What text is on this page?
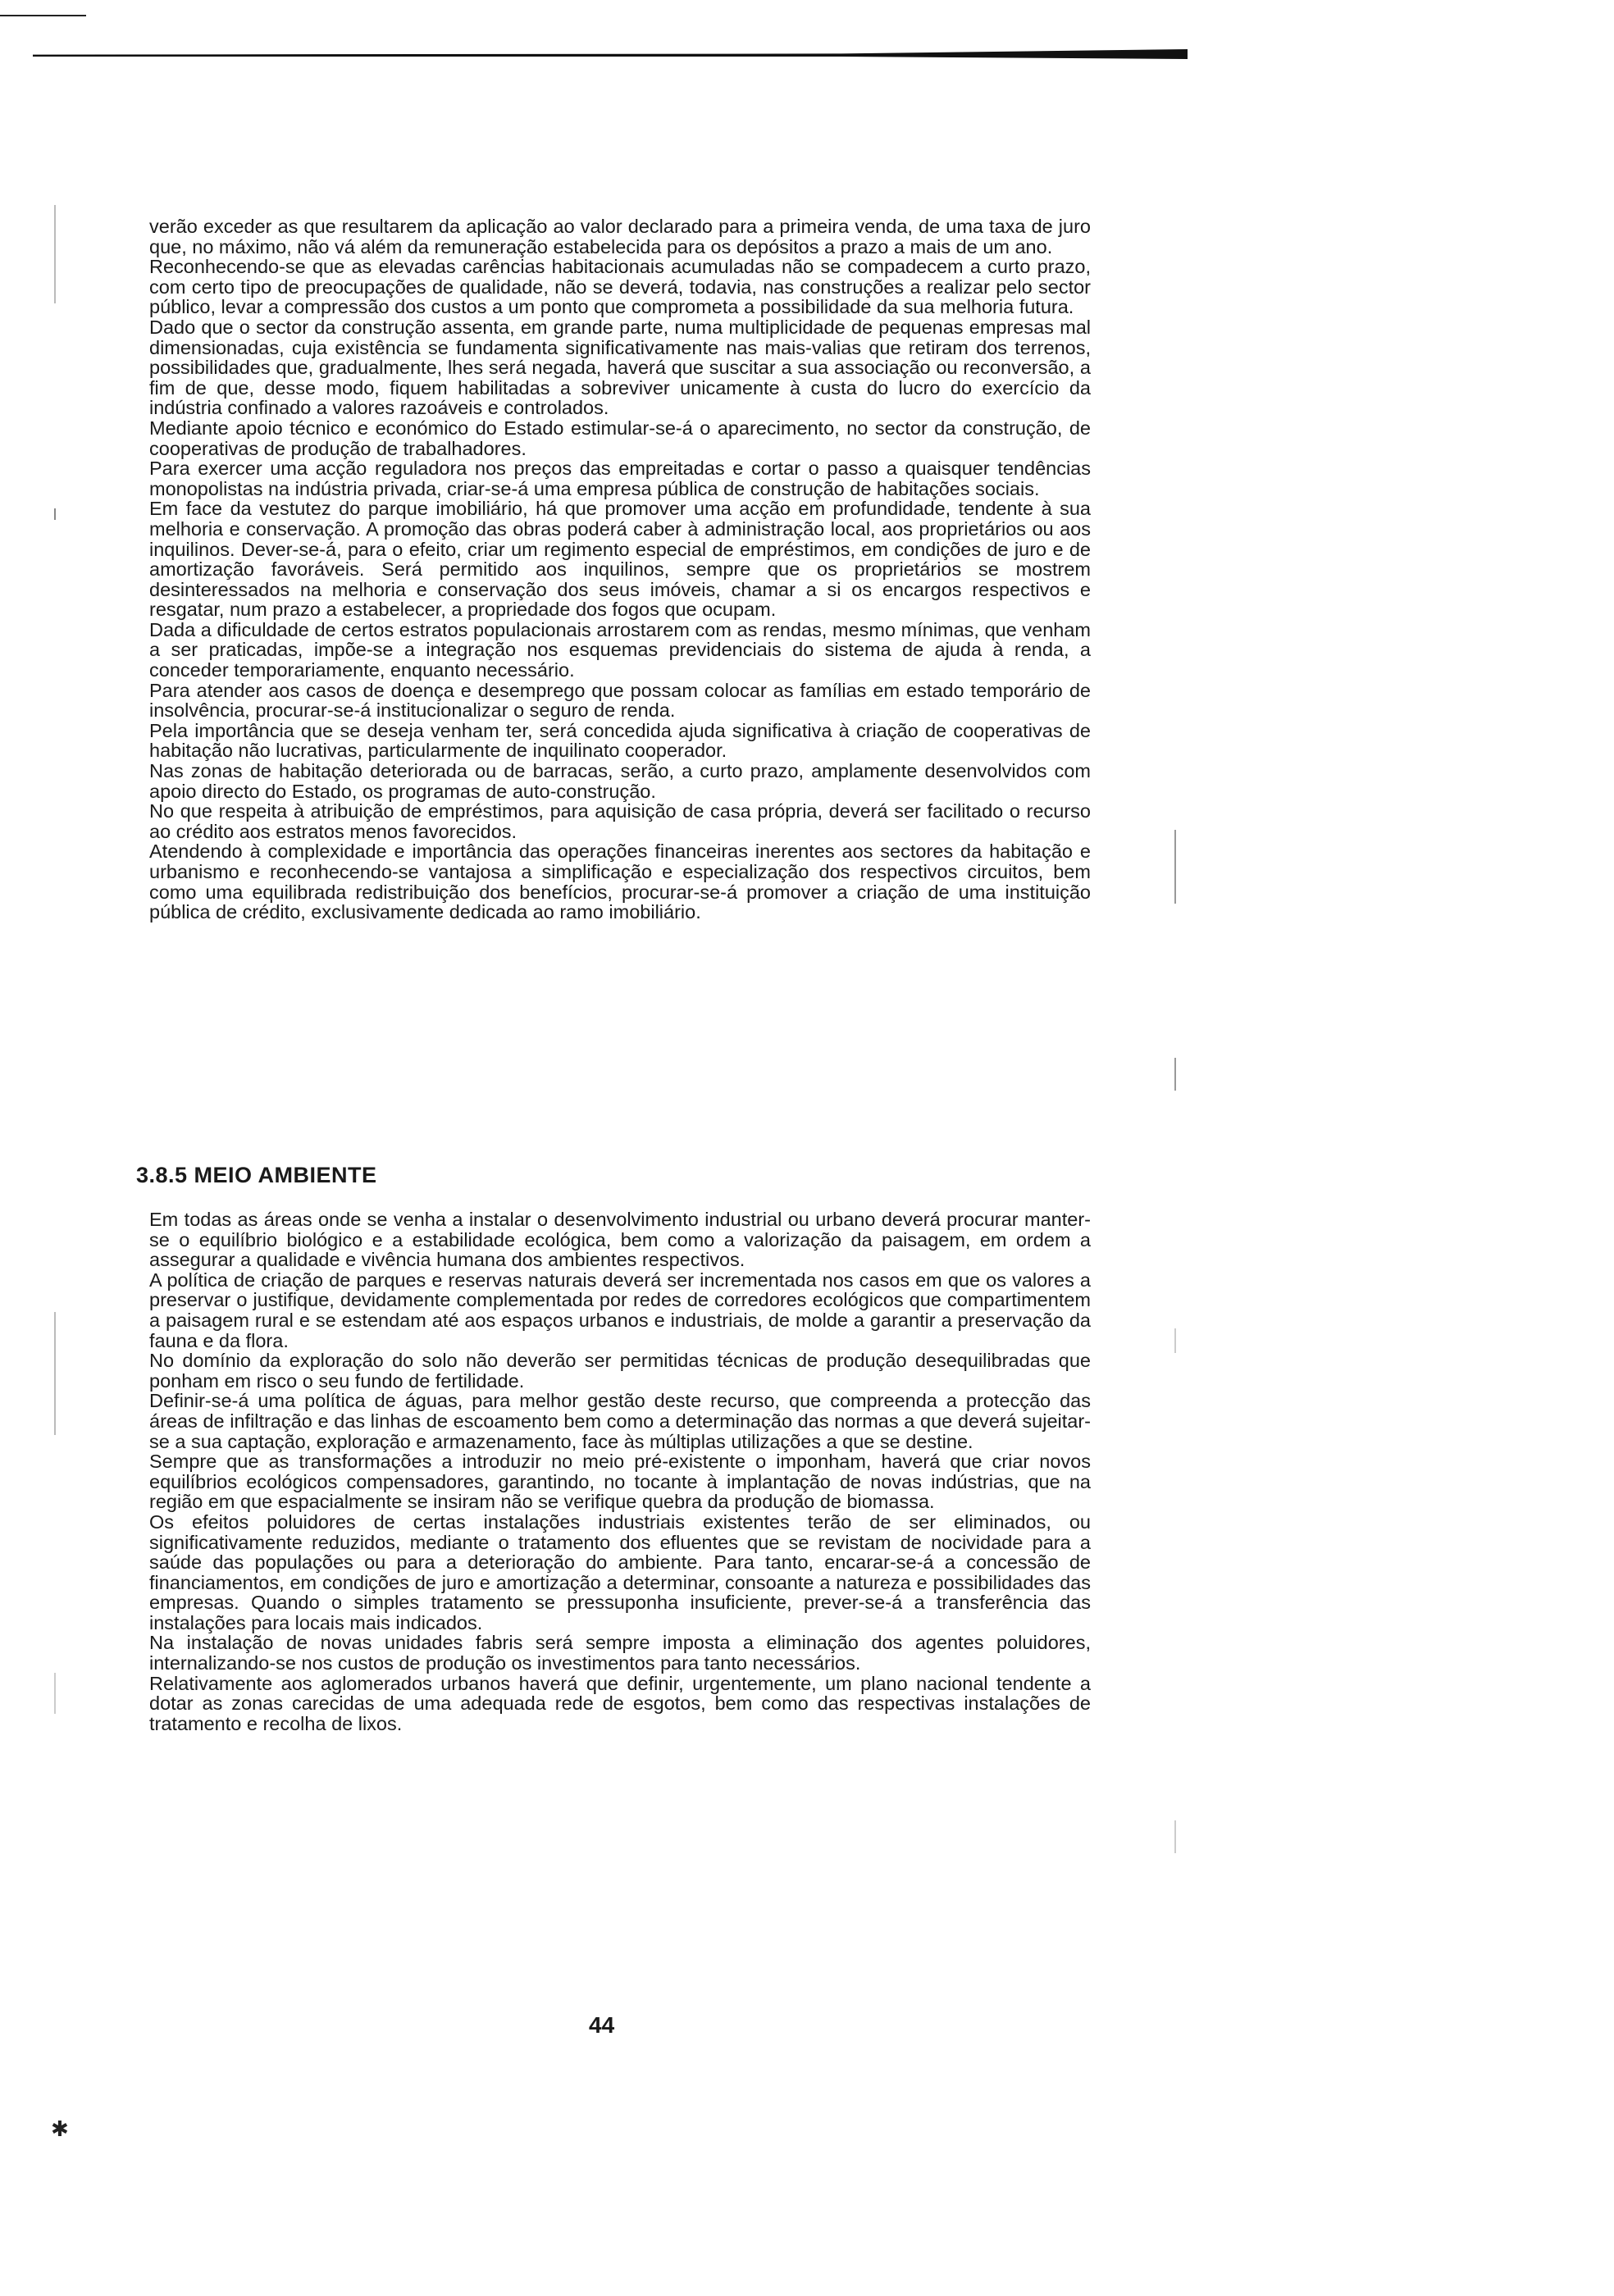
verão exceder as que resultarem da aplicação ao valor declarado para a primeira venda, de uma taxa de juro que, no máximo, não vá além da remuneração estabelecida para os depósitos a prazo a mais de um ano.

Reconhecendo-se que as elevadas carências habitacionais acumuladas não se compadecem a curto prazo, com certo tipo de preocupações de qualidade, não se deverá, todavia, nas construções a realizar pelo sector público, levar a compressão dos custos a um ponto que comprometa a possibilidade da sua melhoria futura.

Dado que o sector da construção assenta, em grande parte, numa multiplicidade de pequenas empresas mal dimensionadas, cuja existência se fundamenta significativamente nas mais-valias que retiram dos terrenos, possibilidades que, gradualmente, lhes será negada, haverá que suscitar a sua associação ou reconversão, a fim de que, desse modo, fiquem habilitadas a sobreviver unicamente à custa do lucro do exercício da indústria confinado a valores razoáveis e controlados.

Mediante apoio técnico e económico do Estado estimular-se-á o aparecimento, no sector da construção, de cooperativas de produção de trabalhadores.

Para exercer uma acção reguladora nos preços das empreitadas e cortar o passo a quaisquer tendências monopolistas na indústria privada, criar-se-á uma empresa pública de construção de habitações sociais.

Em face da vestutez do parque imobiliário, há que promover uma acção em profundidade, tendente à sua melhoria e conservação. A promoção das obras poderá caber à administração local, aos proprietários ou aos inquilinos. Dever-se-á, para o efeito, criar um regimento especial de empréstimos, em condições de juro e de amortização favoráveis. Será permitido aos inquilinos, sempre que os proprietários se mostrem desinteressados na melhoria e conservação dos seus imóveis, chamar a si os encargos respectivos e resgatar, num prazo a estabelecer, a propriedade dos fogos que ocupam.

Dada a dificuldade de certos estratos populacionais arrostarem com as rendas, mesmo mínimas, que venham a ser praticadas, impõe-se a integração nos esquemas previdenciais do sistema de ajuda à renda, a conceder temporariamente, enquanto necessário.

Para atender aos casos de doença e desemprego que possam colocar as famílias em estado temporário de insolvência, procurar-se-á institucionalizar o seguro de renda.

Pela importância que se deseja venham ter, será concedida ajuda significativa à criação de cooperativas de habitação não lucrativas, particularmente de inquilinato cooperador.

Nas zonas de habitação deteriorada ou de barracas, serão, a curto prazo, amplamente desenvolvidos com apoio directo do Estado, os programas de auto-construção.

No que respeita à atribuição de empréstimos, para aquisição de casa própria, deverá ser facilitado o recurso ao crédito aos estratos menos favorecidos.

Atendendo à complexidade e importância das operações financeiras inerentes aos sectores da habitação e urbanismo e reconhecendo-se vantajosa a simplificação e especialização dos respectivos circuitos, bem como uma equilibrada redistribuição dos benefícios, procurar-se-á promover a criação de uma instituição pública de crédito, exclusivamente dedicada ao ramo imobiliário.

3.8.5 MEIO AMBIENTE

Em todas as áreas onde se venha a instalar o desenvolvimento industrial ou urbano deverá procurar manter-se o equilíbrio biológico e a estabilidade ecológica, bem como a valorização da paisagem, em ordem a assegurar a qualidade e vivência humana dos ambientes respectivos.

A política de criação de parques e reservas naturais deverá ser incrementada nos casos em que os valores a preservar o justifique, devidamente complementada por redes de corredores ecológicos que compartimentem a paisagem rural e se estendam até aos espaços urbanos e industriais, de molde a garantir a preservação da fauna e da flora.

No domínio da exploração do solo não deverão ser permitidas técnicas de produção desequilibradas que ponham em risco o seu fundo de fertilidade.

Definir-se-á uma política de águas, para melhor gestão deste recurso, que compreenda a protecção das áreas de infiltração e das linhas de escoamento bem como a determinação das normas a que deverá sujeitar-se a sua captação, exploração e armazenamento, face às múltiplas utilizações a que se destine.

Sempre que as transformações a introduzir no meio pré-existente o imponham, haverá que criar novos equilíbrios ecológicos compensadores, garantindo, no tocante à implantação de novas indústrias, que na região em que espacialmente se insiram não se verifique quebra da produção de biomassa.

Os efeitos poluidores de certas instalações industriais existentes terão de ser eliminados, ou significativamente reduzidos, mediante o tratamento dos efluentes que se revistam de nocividade para a saúde das populações ou para a deterioração do ambiente. Para tanto, encarar-se-á a concessão de financiamentos, em condições de juro e amortização a determinar, consoante a natureza e possibilidades das empresas. Quando o simples tratamento se pressuponha insuficiente, prever-se-á a transferência das instalações para locais mais indicados.

Na instalação de novas unidades fabris será sempre imposta a eliminação dos agentes poluidores, internalizando-se nos custos de produção os investimentos para tanto necessários.

Relativamente aos aglomerados urbanos haverá que definir, urgentemente, um plano nacional tendente a dotar as zonas carecidas de uma adequada rede de esgotos, bem como das respectivas instalações de tratamento e recolha de lixos.

44
✱
